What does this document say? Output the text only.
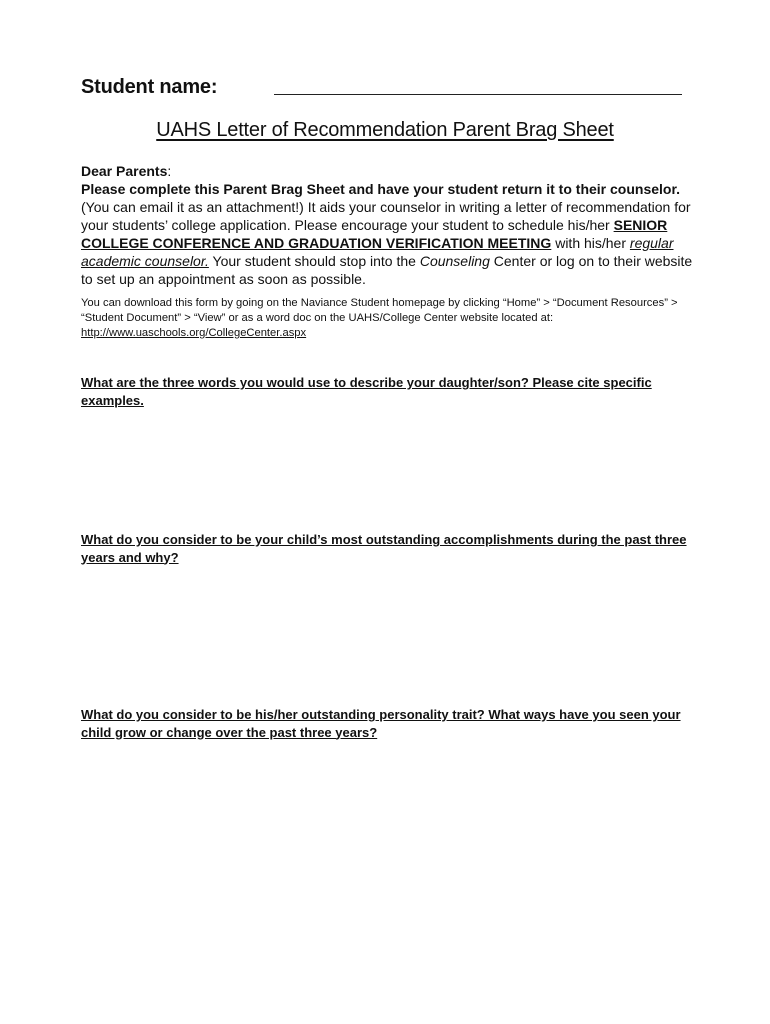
Student name:
UAHS Letter of Recommendation Parent Brag Sheet

Dear Parents:

Please complete this Parent Brag Sheet and have your student return it to their counselor. (You can email it as an attachment!) It aids your counselor in writing a letter of recommendation for your students’ college application. Please encourage your student to schedule his/her SENIOR COLLEGE CONFERENCE AND GRADUATION VERIFICATION MEETING with his/her regular academic counselor. Your student should stop into the Counseling Center or log on to their website to set up an appointment as soon as possible.

You can download this form by going on the Naviance Student homepage by clicking “Home” > “Document Resources” > “Student Document” > “View” or as a word doc on the UAHS/College Center website located at: http://www.uaschools.org/CollegeCenter.aspx

What are the three words you would use to describe your daughter/son? Please cite specific examples.
What do you consider to be your child’s most outstanding accomplishments during the past three years and why?
What do you consider to be his/her outstanding personality trait? What ways have you seen your child grow or change over the past three years?
